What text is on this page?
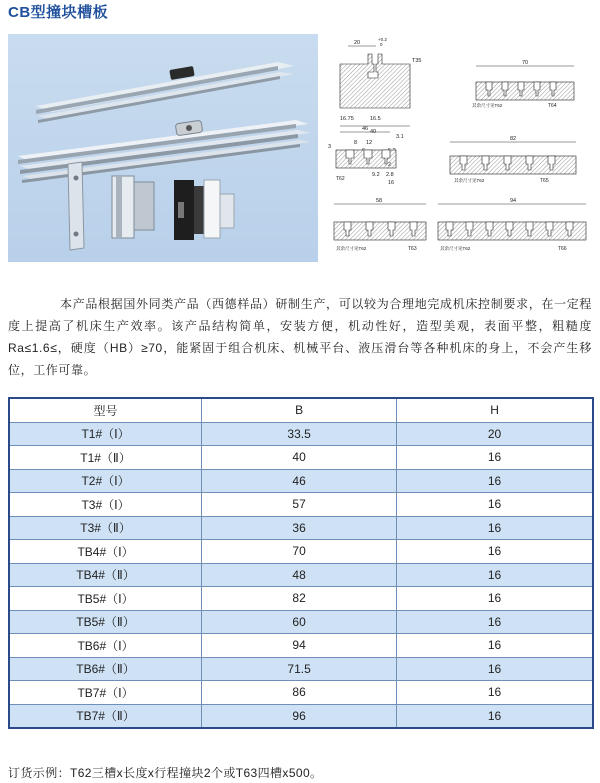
CB型撞块槽板
20
+0.2
0
T35
16.75	16.5
40
70
其余尺寸见T62	T64
46
3.1
8 12
3
2
9.2 2.8
T62
16
82
其余尺寸见T62	T65
58
其余尺寸见T62	T63
94
其余尺寸见T62	T66
本产品根据国外同类产品（西德样品）研制生产，可以较为合理地完成机床控制要求，在一定程度上提高了机床生产效率。该产品结构简单，安装方便，机动性好，造型美观，表面平整，粗糙度Ra≤1.6≤，硬度（HB）≥70，能紧固于组合机床、机械平台、液压滑台等各种机床的身上，不会产生移位，工作可靠。
型号	B	H
T1#（Ⅰ）	33.5	20
T1#（Ⅱ）	40	16
T2#（Ⅰ）	46	16
T3#（Ⅰ）	57	16
T3#（Ⅱ）	36	16
TB4#（Ⅰ）	70	16
TB4#（Ⅱ）	48	16
TB5#（Ⅰ）	82	16
TB5#（Ⅱ）	60	16
TB6#（Ⅰ）	94	16
TB6#（Ⅱ）	71.5	16
TB7#（Ⅰ）	86	16
TB7#（Ⅱ）	96	16
订货示例：T62三槽x长度x行程撞块2个或T63四槽x500。
